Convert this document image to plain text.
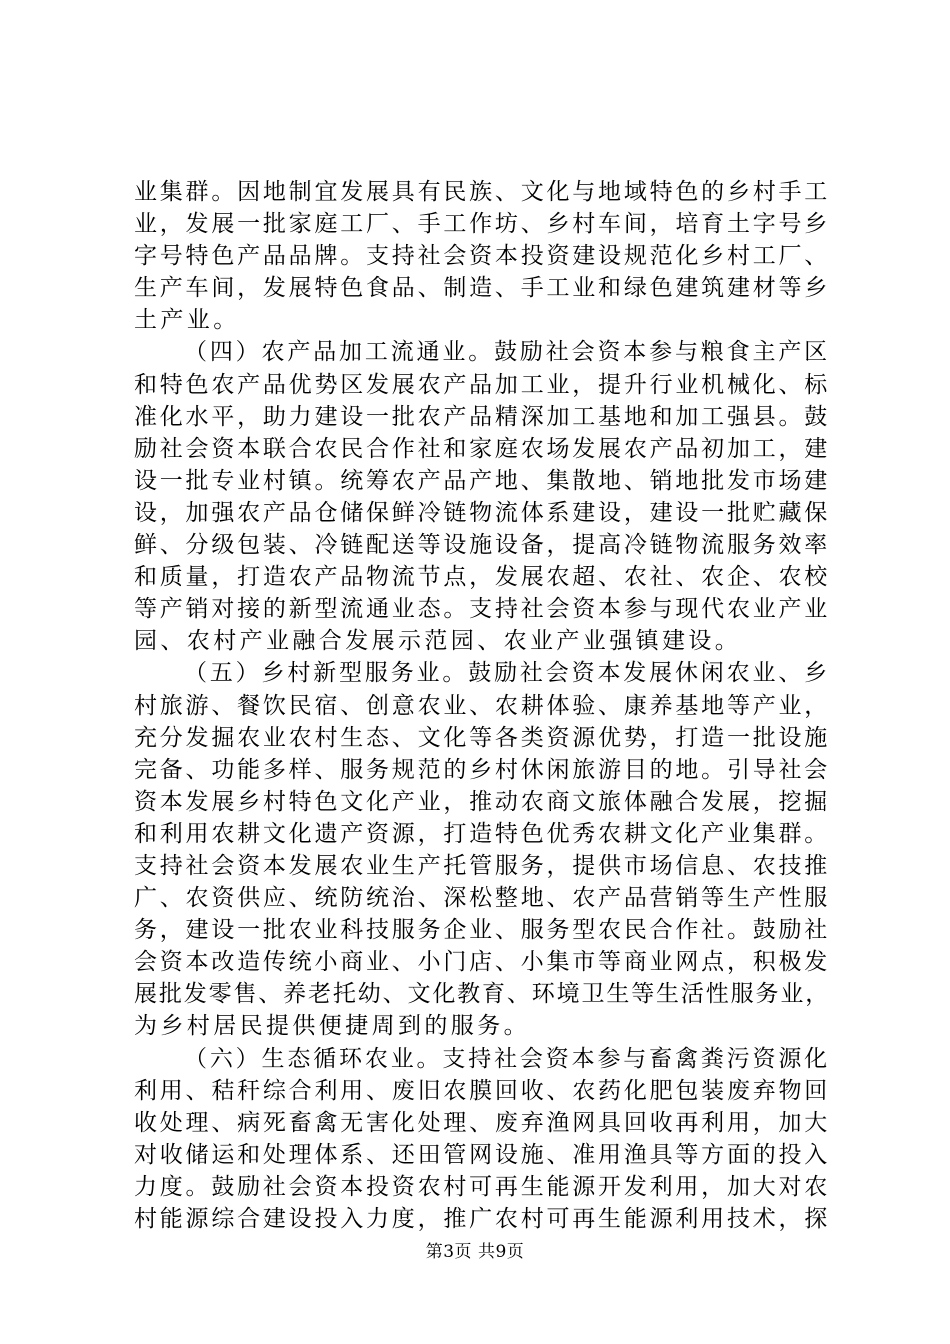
业集群。因地制宜发展具有民族、文化与地域特色的乡村手工
业，发展一批家庭工厂、手工作坊、乡村车间，培育土字号乡
字号特色产品品牌。支持社会资本投资建设规范化乡村工厂、
生产车间，发展特色食品、制造、手工业和绿色建筑建材等乡
土产业。
（四）农产品加工流通业。鼓励社会资本参与粮食主产区
和特色农产品优势区发展农产品加工业，提升行业机械化、标
准化水平，助力建设一批农产品精深加工基地和加工强县。鼓
励社会资本联合农民合作社和家庭农场发展农产品初加工，建
设一批专业村镇。统筹农产品产地、集散地、销地批发市场建
设，加强农产品仓储保鲜冷链物流体系建设，建设一批贮藏保
鲜、分级包装、冷链配送等设施设备，提高冷链物流服务效率
和质量，打造农产品物流节点，发展农超、农社、农企、农校
等产销对接的新型流通业态。支持社会资本参与现代农业产业
园、农村产业融合发展示范园、农业产业强镇建设。
（五）乡村新型服务业。鼓励社会资本发展休闲农业、乡
村旅游、餐饮民宿、创意农业、农耕体验、康养基地等产业，
充分发掘农业农村生态、文化等各类资源优势，打造一批设施
完备、功能多样、服务规范的乡村休闲旅游目的地。引导社会
资本发展乡村特色文化产业，推动农商文旅体融合发展，挖掘
和利用农耕文化遗产资源，打造特色优秀农耕文化产业集群。
支持社会资本发展农业生产托管服务，提供市场信息、农技推
广、农资供应、统防统治、深松整地、农产品营销等生产性服
务，建设一批农业科技服务企业、服务型农民合作社。鼓励社
会资本改造传统小商业、小门店、小集市等商业网点，积极发
展批发零售、养老托幼、文化教育、环境卫生等生活性服务业，
为乡村居民提供便捷周到的服务。
（六）生态循环农业。支持社会资本参与畜禽粪污资源化
利用、秸秆综合利用、废旧农膜回收、农药化肥包装废弃物回
收处理、病死畜禽无害化处理、废弃渔网具回收再利用，加大
对收储运和处理体系、还田管网设施、准用渔具等方面的投入
力度。鼓励社会资本投资农村可再生能源开发利用，加大对农
村能源综合建设投入力度，推广农村可再生能源利用技术，探
第3页 共9页
